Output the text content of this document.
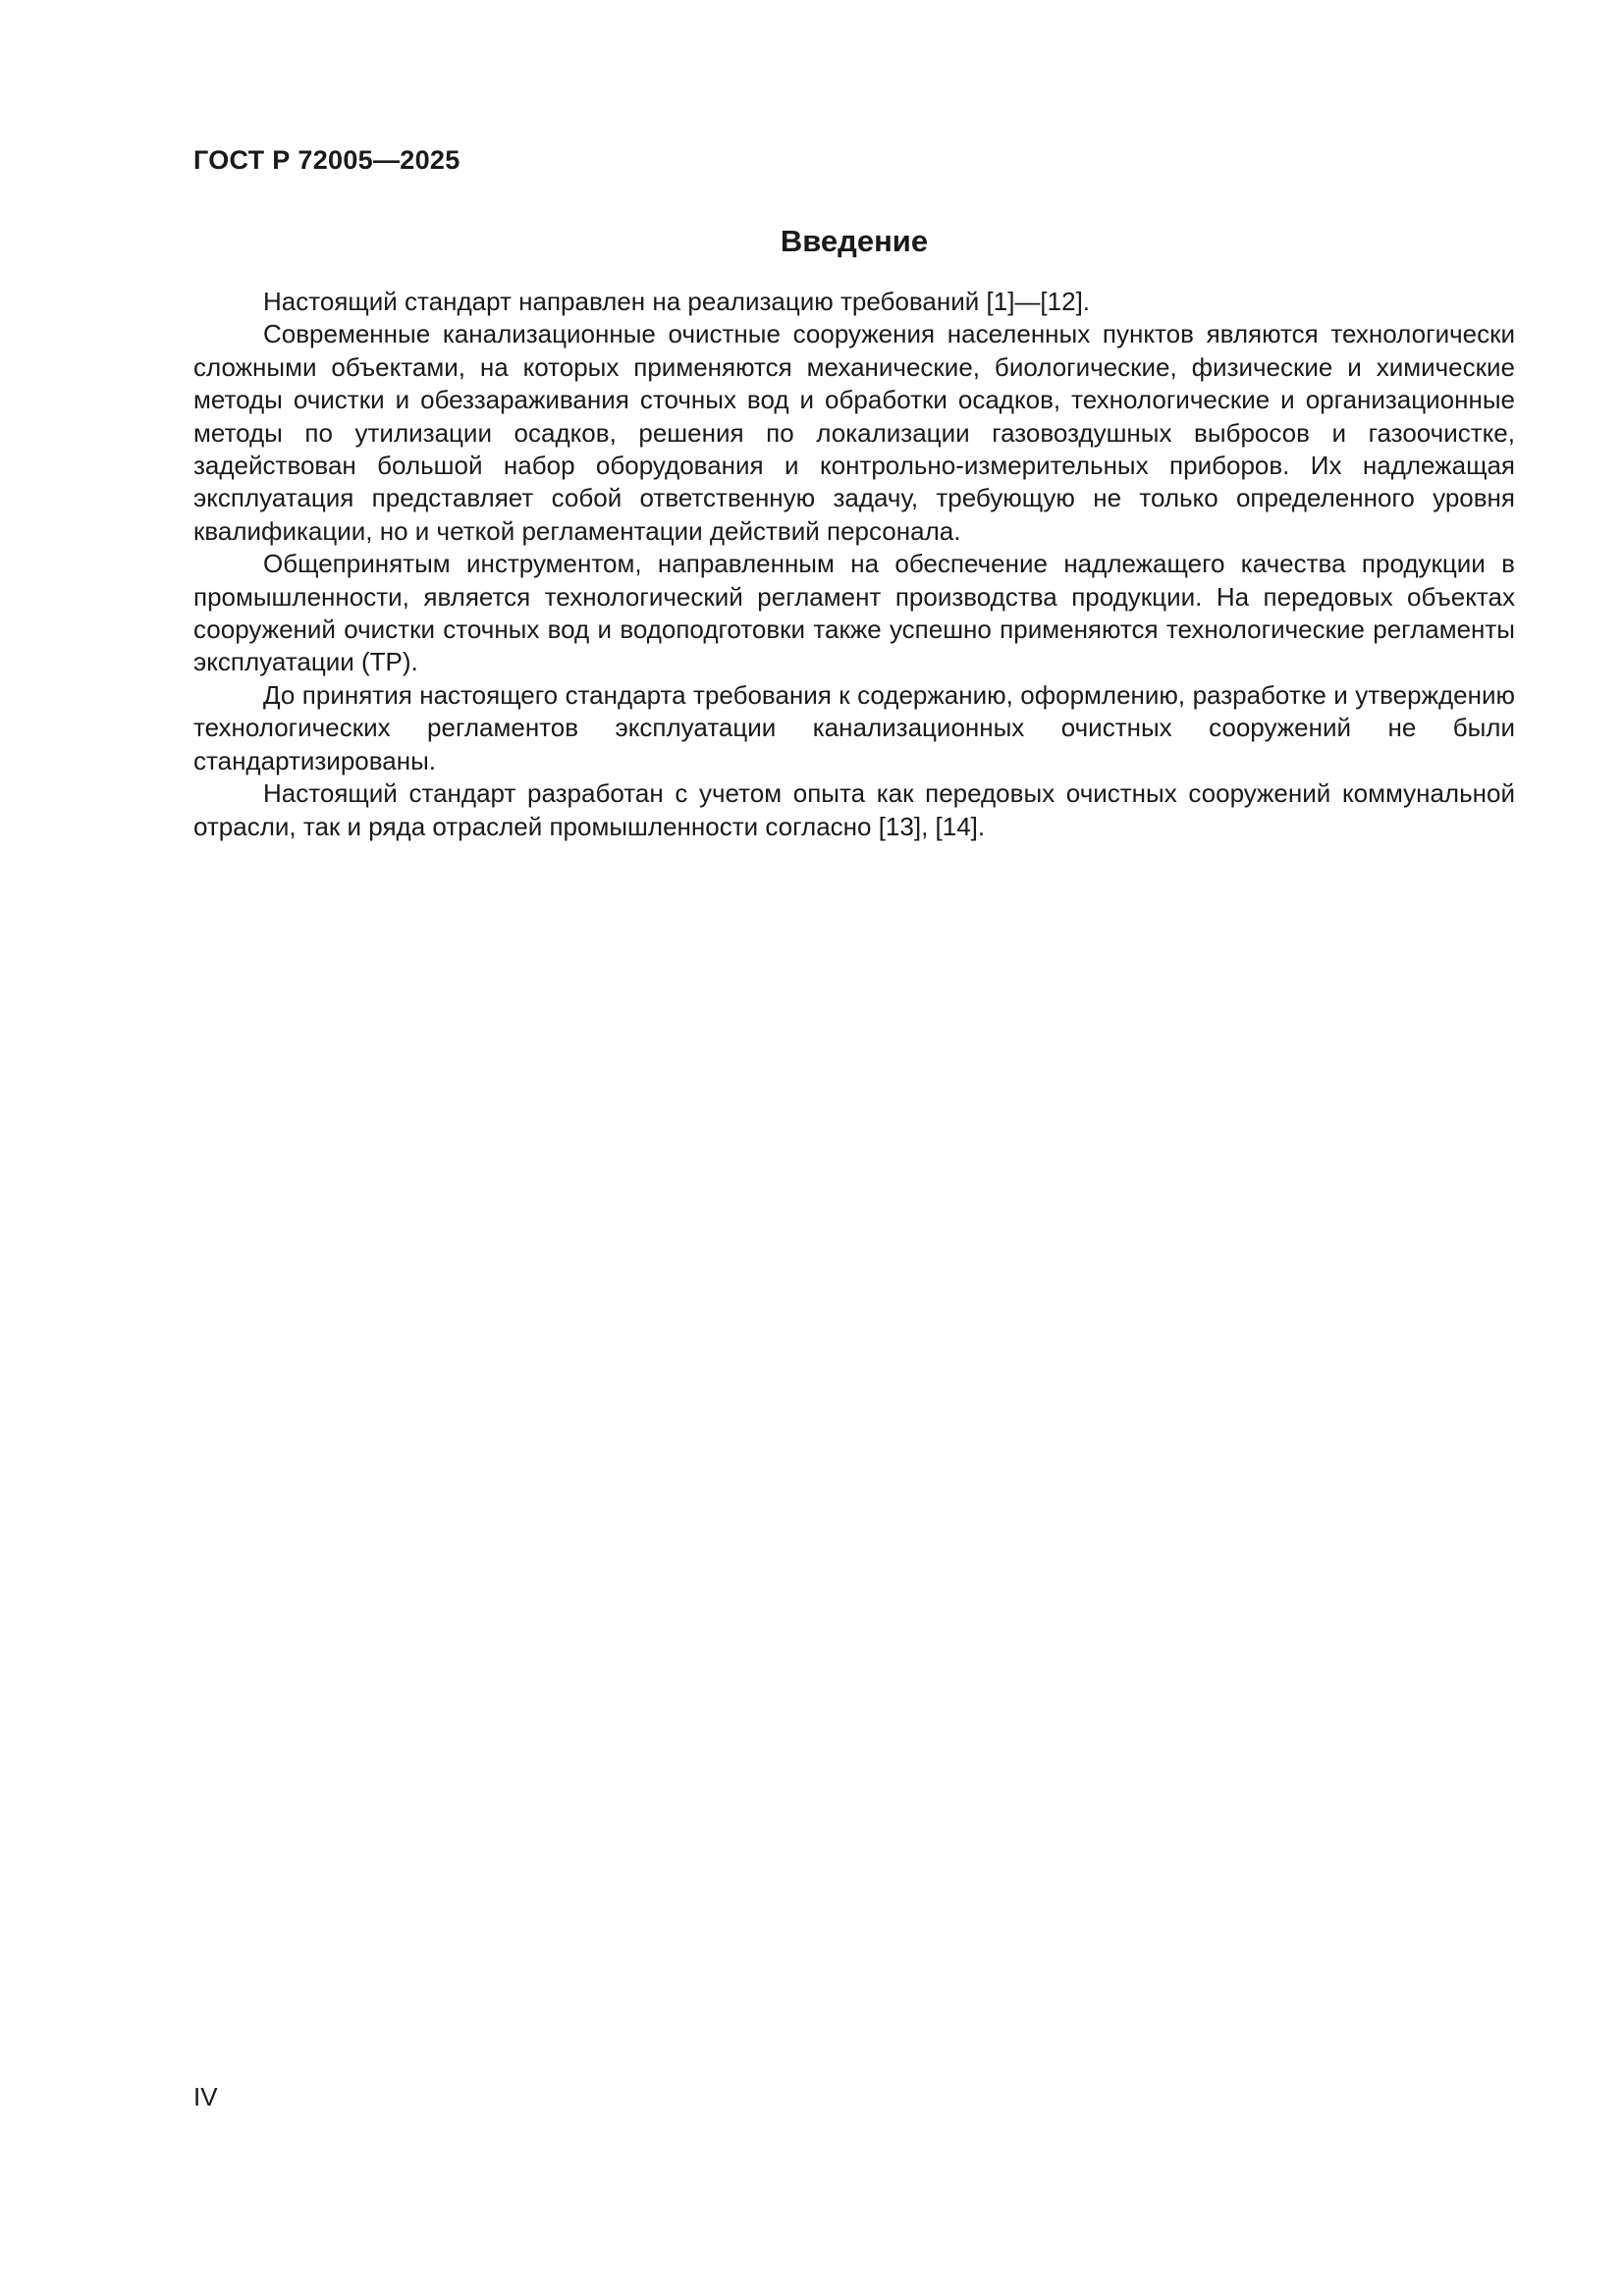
ГОСТ Р 72005—2025

Введение

Настоящий стандарт направлен на реализацию требований [1]—[12].

Современные канализационные очистные сооружения населенных пунктов являются технологически сложными объектами, на которых применяются механические, биологические, физические и химические методы очистки и обеззараживания сточных вод и обработки осадков, технологические и организационные методы по утилизации осадков, решения по локализации газовоздушных выбросов и газоочистке, задействован большой набор оборудования и контрольно-измерительных приборов. Их надлежащая эксплуатация представляет собой ответственную задачу, требующую не только определенного уровня квалификации, но и четкой регламентации действий персонала.

Общепринятым инструментом, направленным на обеспечение надлежащего качества продукции в промышленности, является технологический регламент производства продукции. На передовых объектах сооружений очистки сточных вод и водоподготовки также успешно применяются технологические регламенты эксплуатации (ТР).

До принятия настоящего стандарта требования к содержанию, оформлению, разработке и утверждению технологических регламентов эксплуатации канализационных очистных сооружений не были стандартизированы.

Настоящий стандарт разработан с учетом опыта как передовых очистных сооружений коммунальной отрасли, так и ряда отраслей промышленности согласно [13], [14].

IV
